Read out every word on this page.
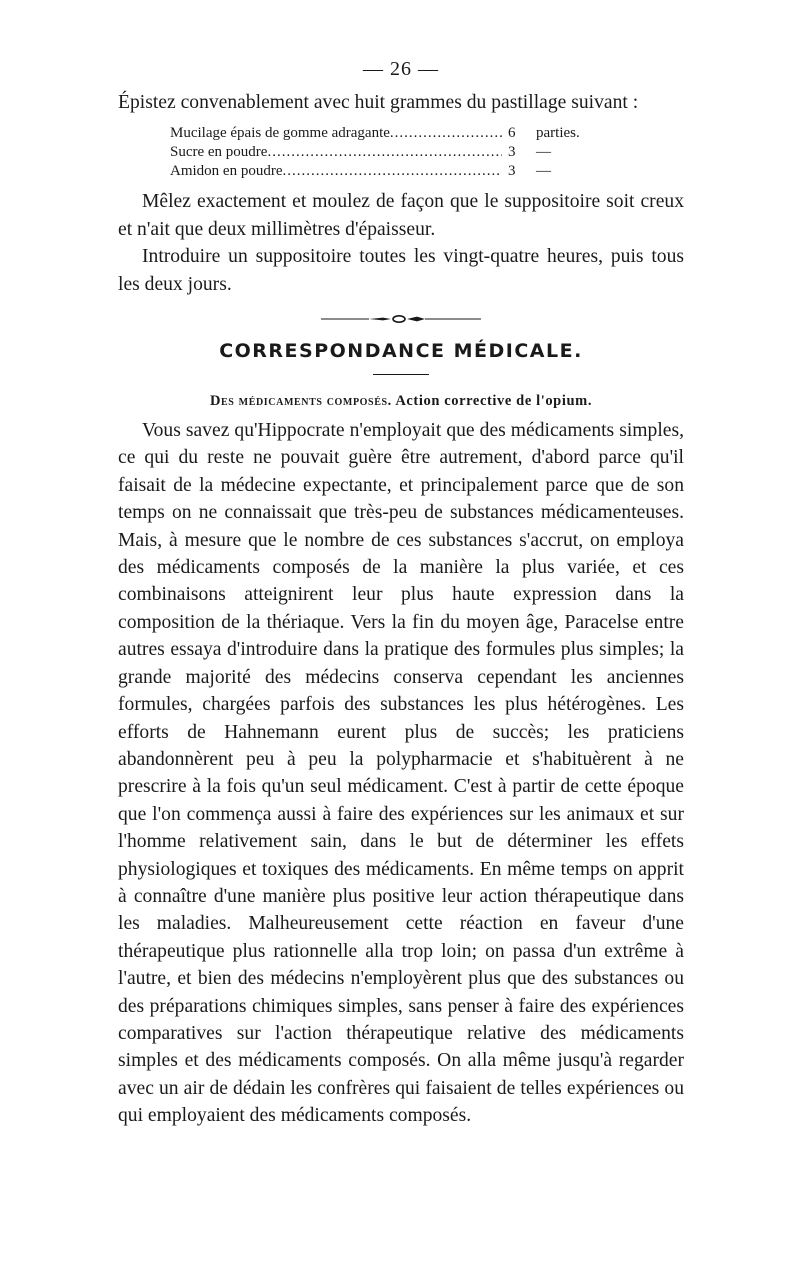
— 26 —

Épistez convenablement avec huit grammes du pastillage suivant :

Mucilage épais de gomme adragante .....	6	parties.
Sucre en poudre .....	3	—
Amidon en poudre .....	3	—

Mêlez exactement et moulez de façon que le suppositoire soit creux et n'ait que deux millimètres d'épaisseur.

Introduire un suppositoire toutes les vingt-quatre heures, puis tous les deux jours.

CORRESPONDANCE MÉDICALE.
Des médicaments composés. Action corrective de l'opium.

Vous savez qu'Hippocrate n'employait que des médicaments simples, ce qui du reste ne pouvait guère être autrement, d'abord parce qu'il faisait de la médecine expectante, et principalement parce que de son temps on ne connaissait que très-peu de substances médicamenteuses. Mais, à mesure que le nombre de ces substances s'accrut, on employa des médicaments composés de la manière la plus variée, et ces combinaisons atteignirent leur plus haute expression dans la composition de la thériaque. Vers la fin du moyen âge, Paracelse entre autres essaya d'introduire dans la pratique des formules plus simples; la grande majorité des médecins conserva cependant les anciennes formules, chargées parfois des substances les plus hétérogènes. Les efforts de Hahnemann eurent plus de succès; les praticiens abandonnèrent peu à peu la polypharmacie et s'habituèrent à ne prescrire à la fois qu'un seul médicament. C'est à partir de cette époque que l'on commença aussi à faire des expériences sur les animaux et sur l'homme relativement sain, dans le but de déterminer les effets physiologiques et toxiques des médicaments. En même temps on apprit à connaître d'une manière plus positive leur action thérapeutique dans les maladies. Malheureusement cette réaction en faveur d'une thérapeutique plus rationnelle alla trop loin; on passa d'un extrême à l'autre, et bien des médecins n'employèrent plus que des substances ou des préparations chimiques simples, sans penser à faire des expériences comparatives sur l'action thérapeutique relative des médicaments simples et des médicaments composés. On alla même jusqu'à regarder avec un air de dédain les confrères qui faisaient de telles expériences ou qui employaient des médicaments composés.
